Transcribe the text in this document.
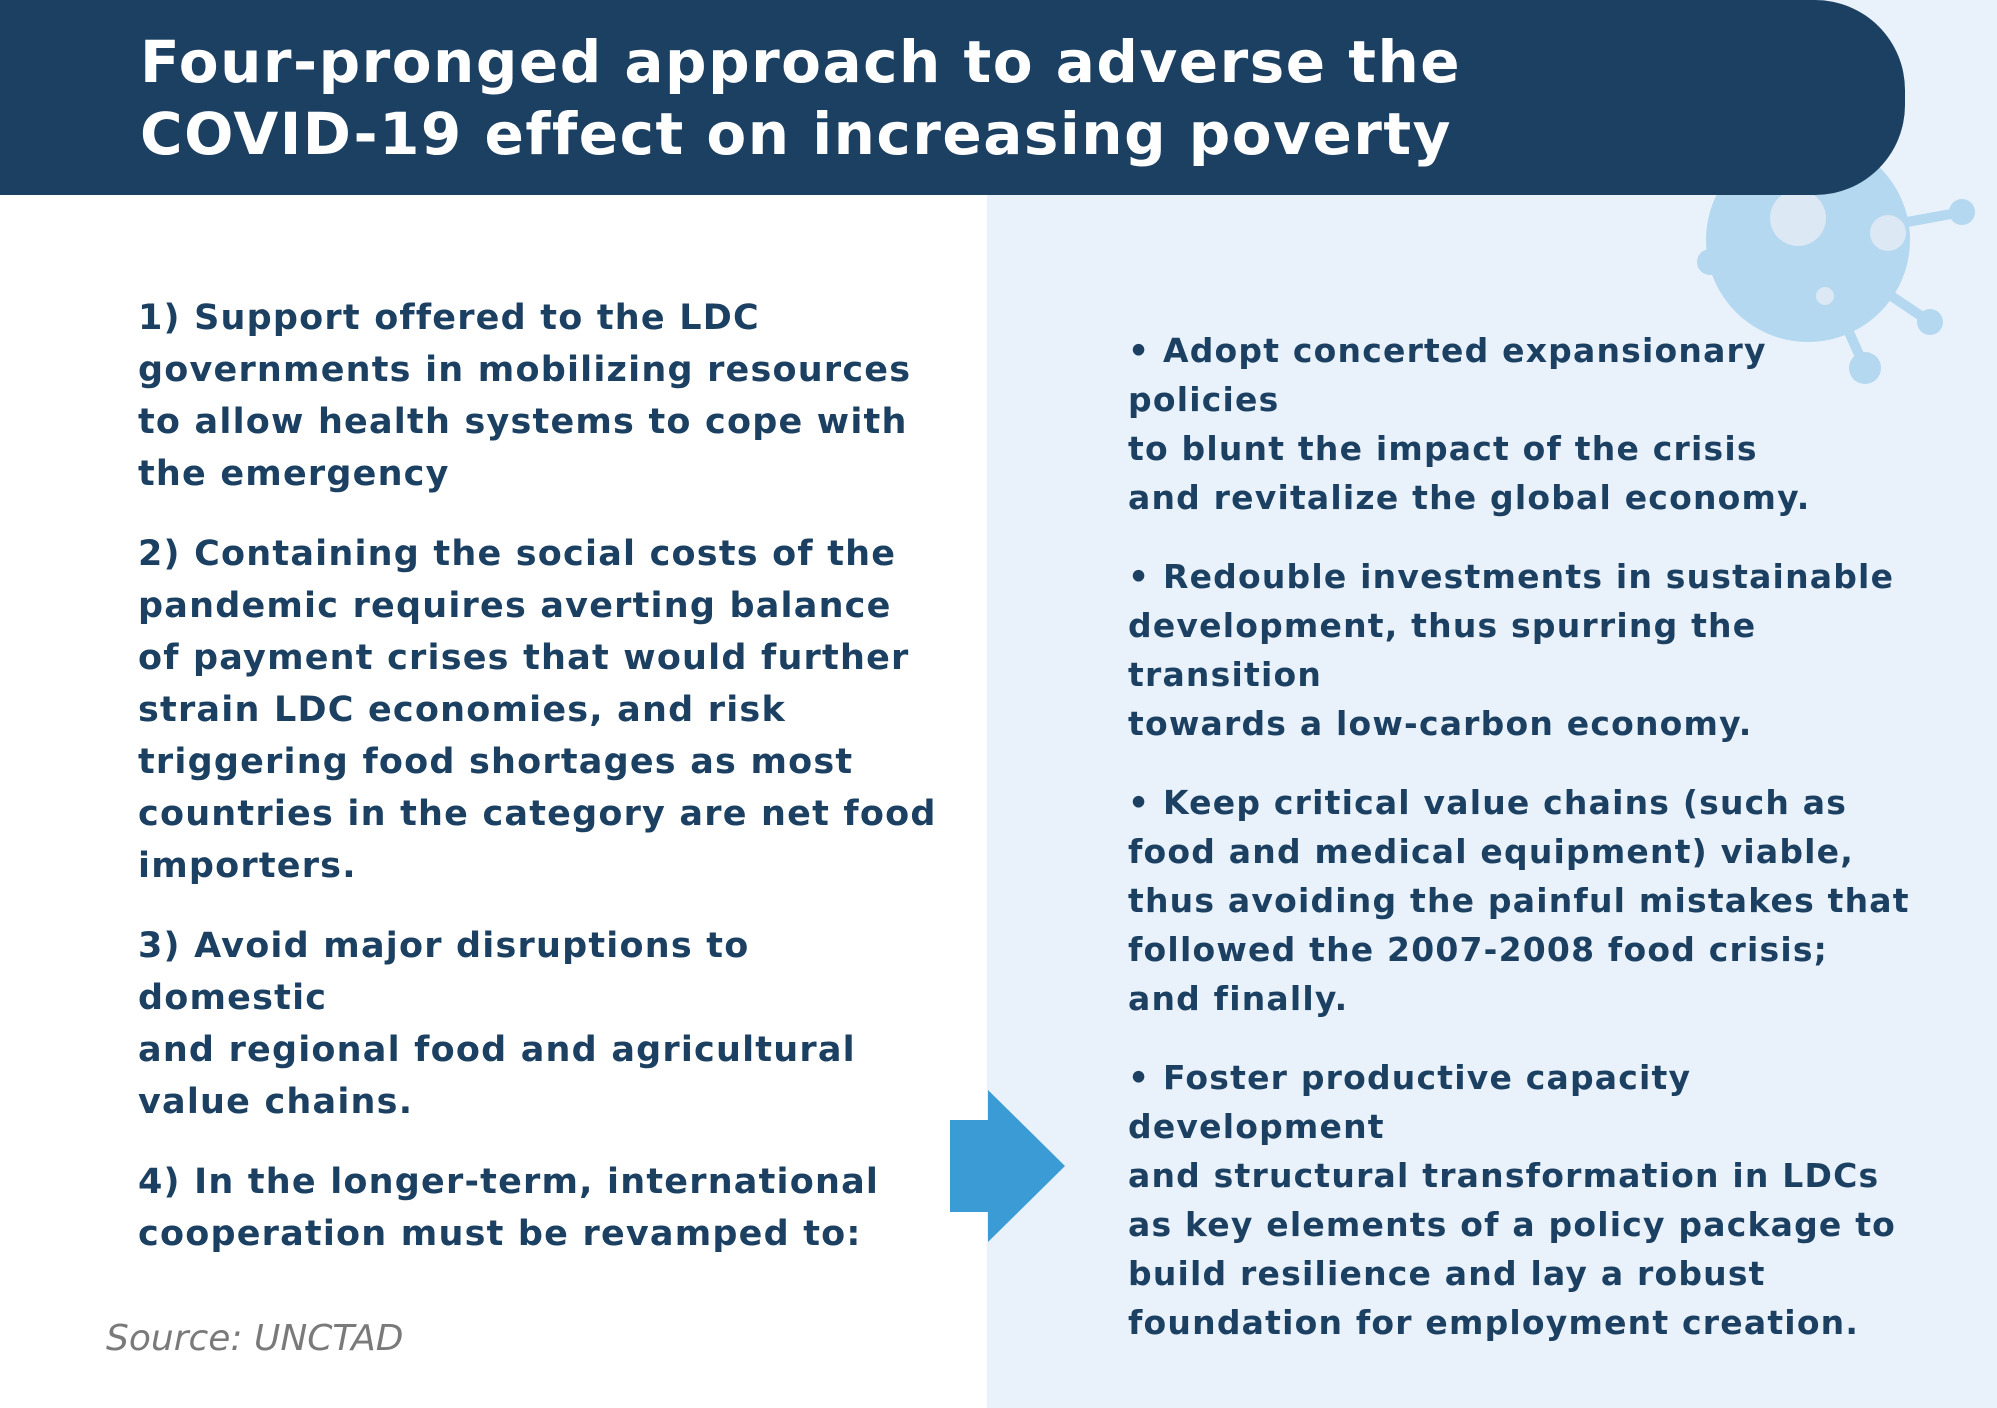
Four-pronged approach to adverse the
COVID-19 effect on increasing poverty

1) Support offered to the LDC
governments in mobilizing resources
to allow health systems to cope with
the emergency

2) Containing the social costs of the
pandemic requires averting balance
of payment crises that would further
strain LDC economies, and risk
triggering food shortages as most
countries in the category are net food
importers.

3) Avoid major disruptions to domestic
and regional food and agricultural
value chains.

4) In the longer-term, international
cooperation must be revamped to:

• Adopt concerted expansionary policies
to blunt the impact of the crisis
and revitalize the global economy.

• Redouble investments in sustainable
development, thus spurring the transition
towards a low-carbon economy.

• Keep critical value chains (such as
food and medical equipment) viable,
thus avoiding the painful mistakes that
followed the 2007-2008 food crisis;
and finally.

• Foster productive capacity development
and structural transformation in LDCs
as key elements of a policy package to
build resilience and lay a robust
foundation for employment creation.

Source: UNCTAD
